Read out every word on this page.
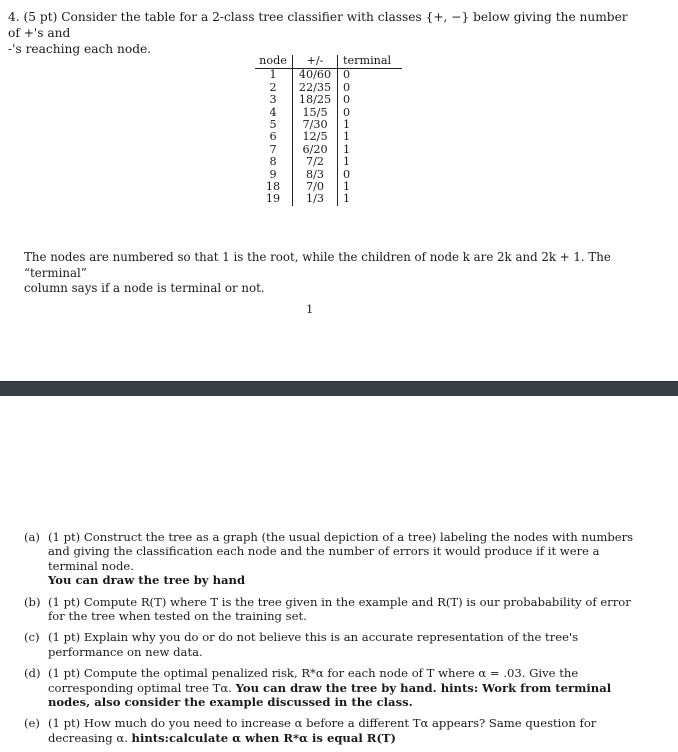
4. (5 pt) Consider the table for a 2-class tree classifier with classes {+, −} below giving the number of +'s and
-'s reaching each node.
node	+/-	terminal
1	40/60	0
2	22/35	0
3	18/25	0
4	15/5	0
5	7/30	1
6	12/5	1
7	6/20	1
8	7/2	1
9	8/3	0
18	7/0	1
19	1/3	1
The nodes are numbered so that 1 is the root, while the children of node k are 2k and 2k + 1. The “terminal”
column says if a node is terminal or not.
1
(a) (1 pt) Construct the tree as a graph (the usual depiction of a tree) labeling the nodes with numbers and giving the classification each node and the number of errors it would produce if it were a terminal node.
You can draw the tree by hand
(b) (1 pt) Compute R(T) where T is the tree given in the example and R(T) is our probabability of error for the tree when tested on the training set.
(c) (1 pt) Explain why you do or do not believe this is an accurate representation of the tree's performance on new data.
(d) (1 pt) Compute the optimal penalized risk, R*α for each node of T where α = .03. Give the corresponding optimal tree Tα. You can draw the tree by hand. hints: Work from terminal nodes, also consider the example discussed in the class.
(e) (1 pt) How much do you need to increase α before a different Tα appears? Same question for decreasing α. hints:calculate α when R*α is equal R(T)
